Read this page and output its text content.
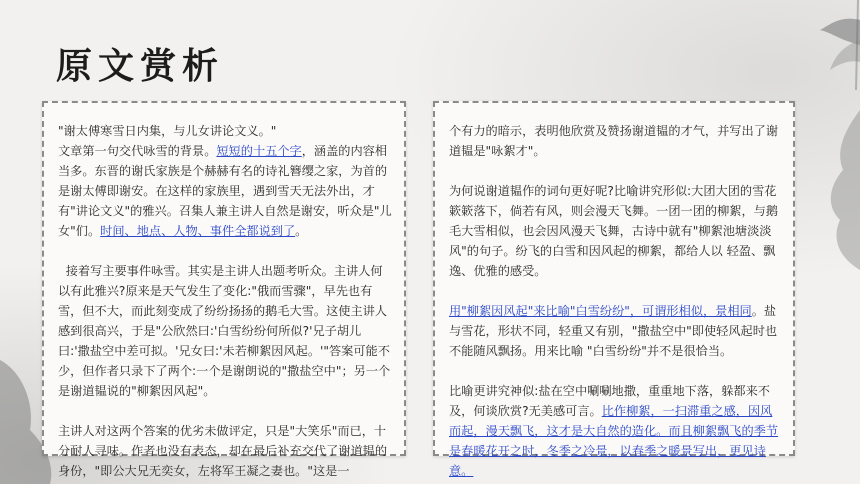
原文赏析

"谢太傅寒雪日内集，与儿女讲论文义。"
文章第一句交代咏雪的背景。短短的十五个字，涵盖的内容相当多。东晋的谢氏家族是个赫赫有名的诗礼簪缨之家，为首的是谢太傅即谢安。在这样的家族里，遇到雪天无法外出，才有"讲论文义"的雅兴。召集人兼主讲人自然是谢安，听众是"儿女"们。时间、地点、人物、事件全都说到了。

接着写主要事件咏雪。其实是主讲人出题考听众。主讲人何以有此雅兴?原来是天气发生了变化:"俄而雪骤"，早先也有雪，但不大，而此刻变成了纷纷扬扬的鹅毛大雪。这使主讲人感到很高兴，于是"公欣然曰:'白雪纷纷何所似?'兄子胡儿曰:'撒盐空中差可拟。'兄女曰:'未若柳絮因风起。'"答案可能不少，但作者只录下了两个:一个是谢朗说的"撒盐空中"；另一个是谢道韫说的"柳絮因风起"。

主讲人对这两个答案的优劣未做评定，只是"大笑乐"而已，十分耐人寻味。作者也没有表态，却在最后补充交代了谢道韫的身份，"即公大兄无奕女，左将军王凝之妻也。"这是一

个有力的暗示，表明他欣赏及赞扬谢道韫的才气，并写出了谢道韫是"咏絮才"。

为何说谢道韫作的词句更好呢?比喻讲究形似:大团大团的雪花簌簌落下，倘若有风，则会漫天飞舞。一团一团的柳絮，与鹅毛大雪相似，也会因风漫天飞舞，古诗中就有"柳絮池塘淡淡风"的句子。纷飞的白雪和因风起的柳絮，都给人以 轻盈、飘逸、优雅的感受。

用"柳絮因风起"来比喻"白雪纷纷"，可谓形相似，景相同。盐与雪花，形状不同，轻重又有别，"撒盐空中"即使轻风起时也不能随风飘扬。用来比喻 "白雪纷纷"并不是很恰当。

比喻更讲究神似:盐在空中唰唰地撒，重重地下落，躲都来不及，何谈欣赏?无美感可言。比作柳絮，一扫滞重之感，因风而起，漫天飘飞，这才是大自然的造化。而且柳絮飘飞的季节是春暖花开之时，冬季之冷景，以春季之暖景写出，更见诗意。
